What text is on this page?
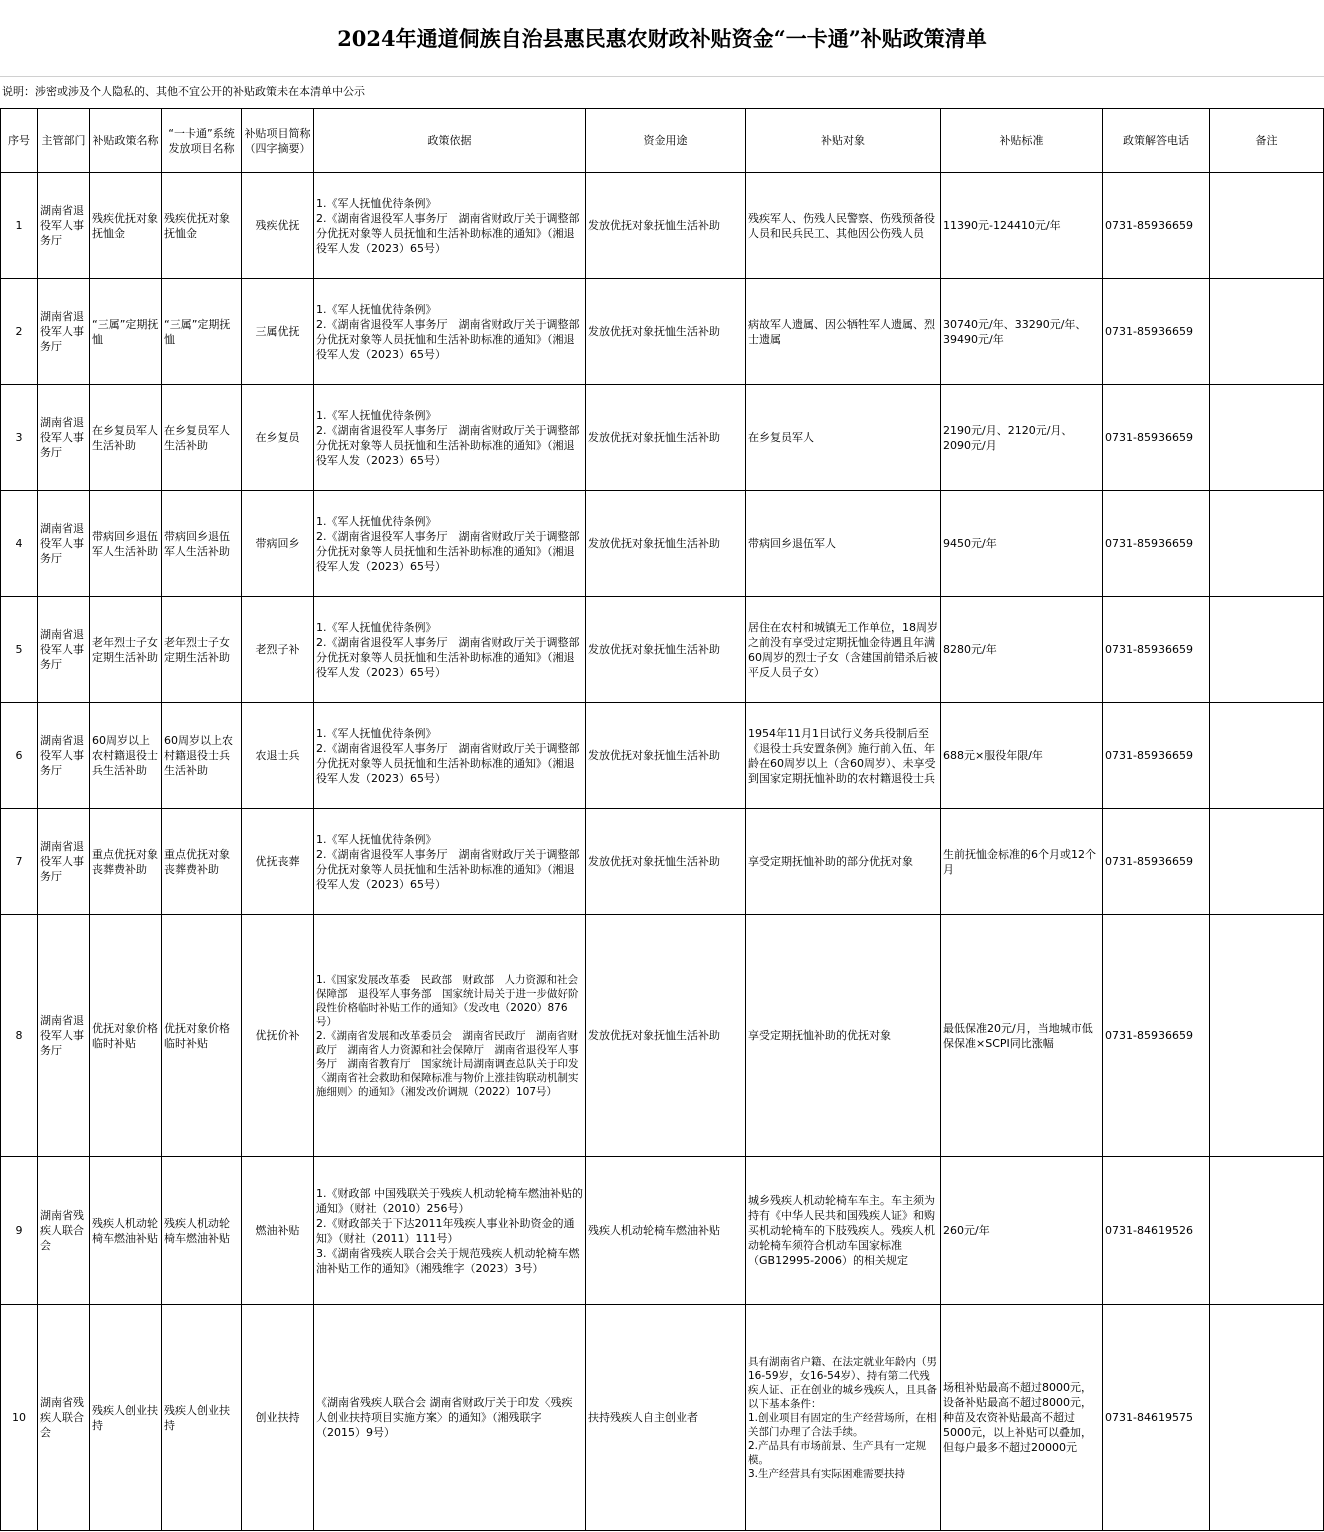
2024年通道侗族自治县惠民惠农财政补贴资金“一卡通”补贴政策清单
说明：涉密或涉及个人隐私的、其他不宜公开的补贴政策未在本清单中公示
序号	主管部门	补贴政策名称	“一卡通”系统发放项目名称	补贴项目简称（四字摘要）	政策依据	资金用途	补贴对象	补贴标准	政策解答电话	备注
1	湖南省退役军人事务厅	残疾优抚对象抚恤金	残疾优抚对象抚恤金	残疾优抚	1.《军人抚恤优待条例》
2.《湖南省退役军人事务厅　湖南省财政厅关于调整部分优抚对象等人员抚恤和生活补助标准的通知》（湘退役军人发（2023）65号）	发放优抚对象抚恤生活补助	残疾军人、伤残人民警察、伤残预备役人员和民兵民工、其他因公伤残人员	11390元-124410元/年	0731-85936659	
2	湖南省退役军人事务厅	“三属”定期抚恤	“三属”定期抚恤	三属优抚	1.《军人抚恤优待条例》
2.《湖南省退役军人事务厅　湖南省财政厅关于调整部分优抚对象等人员抚恤和生活补助标准的通知》（湘退役军人发（2023）65号）	发放优抚对象抚恤生活补助	病故军人遗属、因公牺牲军人遗属、烈士遗属	30740元/年、33290元/年、39490元/年	0731-85936659	
3	湖南省退役军人事务厅	在乡复员军人生活补助	在乡复员军人生活补助	在乡复员	1.《军人抚恤优待条例》
2.《湖南省退役军人事务厅　湖南省财政厅关于调整部分优抚对象等人员抚恤和生活补助标准的通知》（湘退役军人发（2023）65号）	发放优抚对象抚恤生活补助	在乡复员军人	2190元/月、2120元/月、2090元/月	0731-85936659	
4	湖南省退役军人事务厅	带病回乡退伍军人生活补助	带病回乡退伍军人生活补助	带病回乡	1.《军人抚恤优待条例》
2.《湖南省退役军人事务厅　湖南省财政厅关于调整部分优抚对象等人员抚恤和生活补助标准的通知》（湘退役军人发（2023）65号）	发放优抚对象抚恤生活补助	带病回乡退伍军人	9450元/年	0731-85936659	
5	湖南省退役军人事务厅	老年烈士子女定期生活补助	老年烈士子女定期生活补助	老烈子补	1.《军人抚恤优待条例》
2.《湖南省退役军人事务厅　湖南省财政厅关于调整部分优抚对象等人员抚恤和生活补助标准的通知》（湘退役军人发（2023）65号）	发放优抚对象抚恤生活补助	居住在农村和城镇无工作单位，18周岁之前没有享受过定期抚恤金待遇且年满60周岁的烈士子女（含建国前错杀后被平反人员子女）	8280元/年	0731-85936659	
6	湖南省退役军人事务厅	60周岁以上农村籍退役士兵生活补助	60周岁以上农村籍退役士兵生活补助	农退士兵	1.《军人抚恤优待条例》
2.《湖南省退役军人事务厅　湖南省财政厅关于调整部分优抚对象等人员抚恤和生活补助标准的通知》（湘退役军人发（2023）65号）	发放优抚对象抚恤生活补助	1954年11月1日试行义务兵役制后至《退役士兵安置条例》施行前入伍、年龄在60周岁以上（含60周岁）、未享受到国家定期抚恤补助的农村籍退役士兵	688元×服役年限/年	0731-85936659	
7	湖南省退役军人事务厅	重点优抚对象丧葬费补助	重点优抚对象丧葬费补助	优抚丧葬	1.《军人抚恤优待条例》
2.《湖南省退役军人事务厅　湖南省财政厅关于调整部分优抚对象等人员抚恤和生活补助标准的通知》（湘退役军人发（2023）65号）	发放优抚对象抚恤生活补助	享受定期抚恤补助的部分优抚对象	生前抚恤金标准的6个月或12个月	0731-85936659	
8	湖南省退役军人事务厅	优抚对象价格临时补贴	优抚对象价格临时补贴	优抚价补	1.《国家发展改革委　民政部　财政部　人力资源和社会保障部　退役军人事务部　国家统计局关于进一步做好阶段性价格临时补贴工作的通知》（发改电（2020）876号）
2.《湖南省发展和改革委员会　湖南省民政厅　湖南省财政厅　湖南省人力资源和社会保障厅　湖南省退役军人事务厅　湖南省教育厅　国家统计局湖南调查总队关于印发〈湖南省社会救助和保障标准与物价上涨挂钩联动机制实施细则〉的通知》（湘发改价调规（2022）107号）	发放优抚对象抚恤生活补助	享受定期抚恤补助的优抚对象	最低保准20元/月，当地城市低保保准×SCPI同比涨幅	0731-85936659	
9	湖南省残疾人联合会	残疾人机动轮椅车燃油补贴	残疾人机动轮椅车燃油补贴	燃油补贴	1.《财政部 中国残联关于残疾人机动轮椅车燃油补贴的通知》（财社（2010）256号）
2.《财政部关于下达2011年残疾人事业补助资金的通知》（财社（2011）111号）
3.《湖南省残疾人联合会关于规范残疾人机动轮椅车燃油补贴工作的通知》（湘残维字（2023）3号）	残疾人机动轮椅车燃油补贴	城乡残疾人机动轮椅车车主。车主须为持有《中华人民共和国残疾人证》和购买机动轮椅车的下肢残疾人。残疾人机动轮椅车须符合机动车国家标准（GB12995-2006）的相关规定	260元/年	0731-84619526	
10	湖南省残疾人联合会	残疾人创业扶持	残疾人创业扶持	创业扶持	《湖南省残疾人联合会 湖南省财政厅关于印发〈残疾人创业扶持项目实施方案〉的通知》（湘残联字（2015）9号）	扶持残疾人自主创业者	具有湖南省户籍、在法定就业年龄内（男16-59岁，女16-54岁）、持有第二代残疾人证、正在创业的城乡残疾人，且具备以下基本条件：
1.创业项目有固定的生产经营场所，在相关部门办理了合法手续。
2.产品具有市场前景、生产具有一定规模。
3.生产经营具有实际困难需要扶持	场租补贴最高不超过8000元，设备补贴最高不超过8000元，种苗及农资补贴最高不超过5000元，以上补贴可以叠加，但每户最多不超过20000元	0731-84619575	
